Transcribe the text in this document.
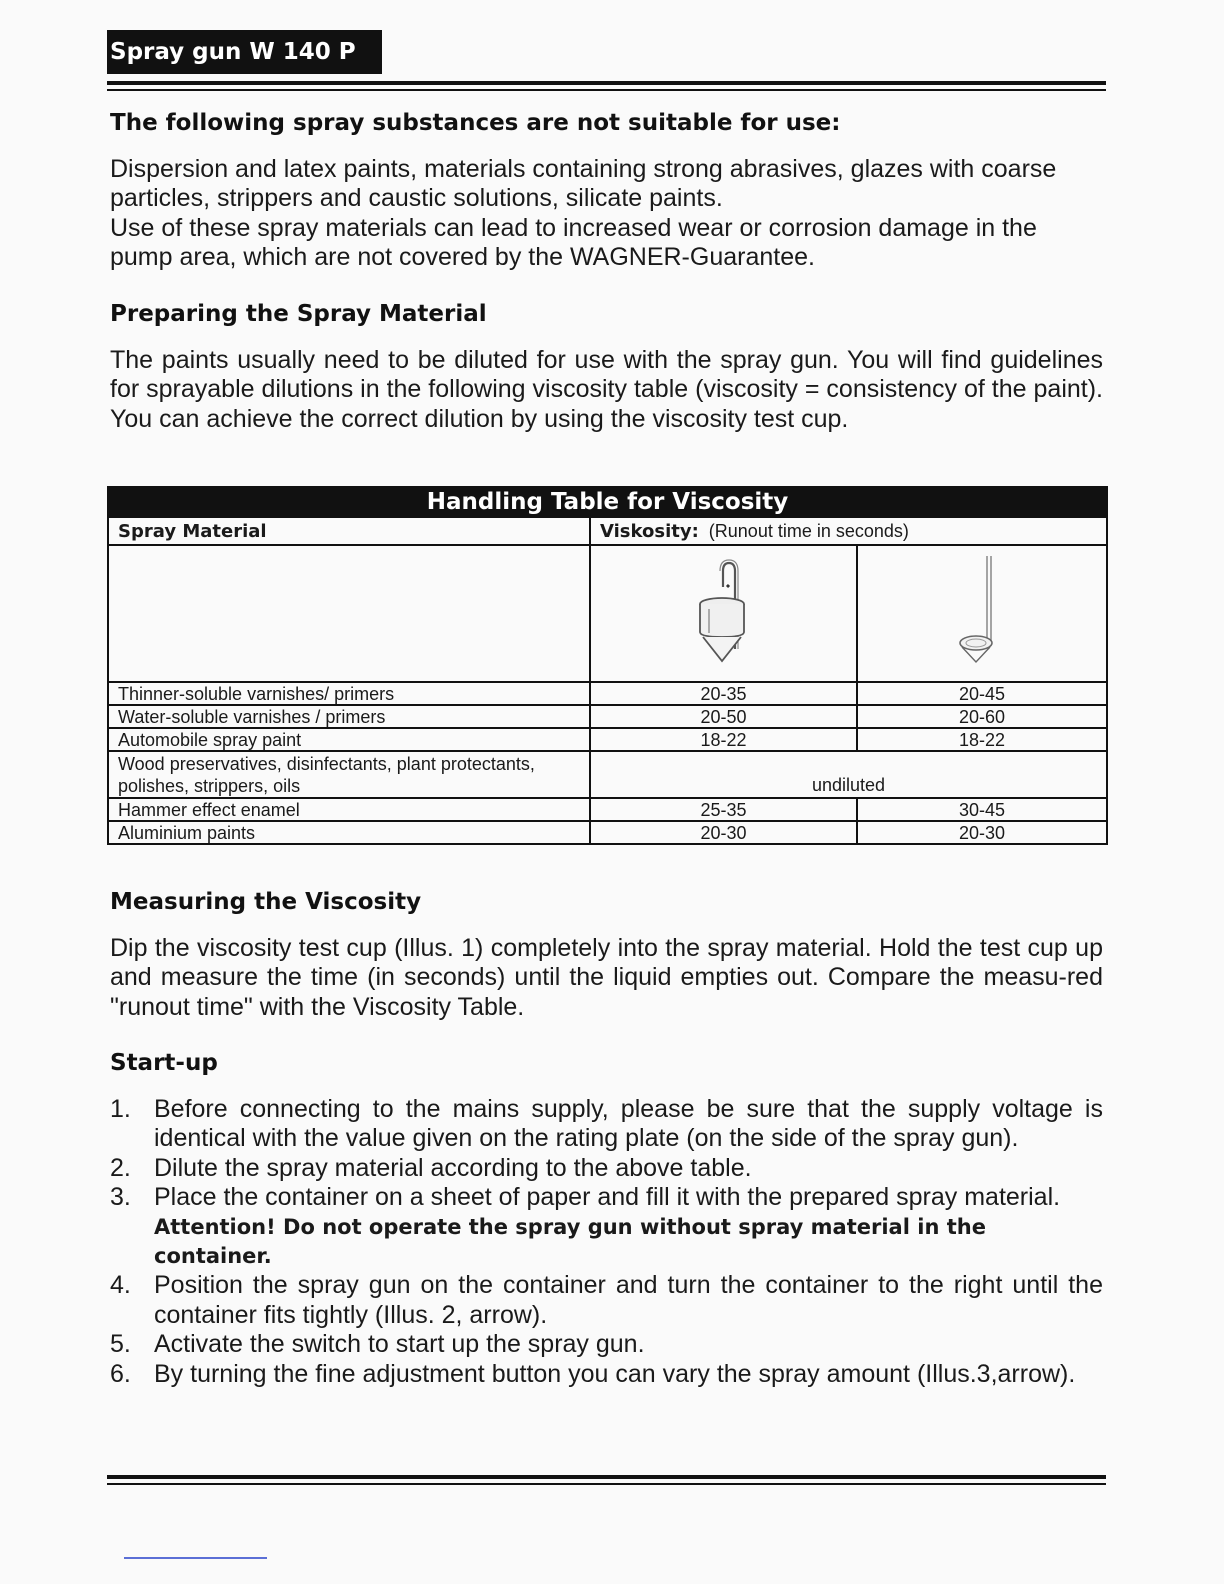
Spray gun W 140 P
The following spray substances are not suitable for use:

Dispersion and latex paints, materials containing strong abrasives, glazes with coarse particles, strippers and caustic solutions, silicate paints.

Use of these spray materials can lead to increased wear or corrosion damage in the pump area, which are not covered by the WAGNER-Guarantee.

Preparing the Spray Material
The paints usually need to be diluted for use with the spray gun. You will find guidelines for sprayable dilutions in the following viscosity table (viscosity = consistency of the paint). You can achieve the correct dilution by using the viscosity test cup.
Handling Table for Viscosity		
Spray Material	Viskosity: (Runout time in seconds)	

Thinner-soluble varnishes/ primers	20-35	20-45
Water-soluble varnishes / primers	20-50	20-60
Automobile spray paint	18-22	18-22
Wood preservatives, disinfectants, plant protectants, polishes, strippers, oils	undiluted	
Hammer effect enamel	25-35	30-45
Aluminium paints	20-30	20-30
Measuring the Viscosity
Dip the viscosity test cup (Illus. 1) completely into the spray material. Hold the test cup up and measure the time (in seconds) until the liquid empties out. Compare the measu-red "runout time" with the Viscosity Table.
Start-up
1. Before connecting to the mains supply, please be sure that the supply voltage is identical with the value given on the rating plate (on the side of the spray gun).
2. Dilute the spray material according to the above table.
3. Place the container on a sheet of paper and fill it with the prepared spray material.
Attention! Do not operate the spray gun without spray material in the container.
4. Position the spray gun on the container and turn the container to the right until the container fits tightly (Illus. 2, arrow).
5. Activate the switch to start up the spray gun.
6. By turning the fine adjustment button you can vary the spray amount (Illus.3,arrow).
